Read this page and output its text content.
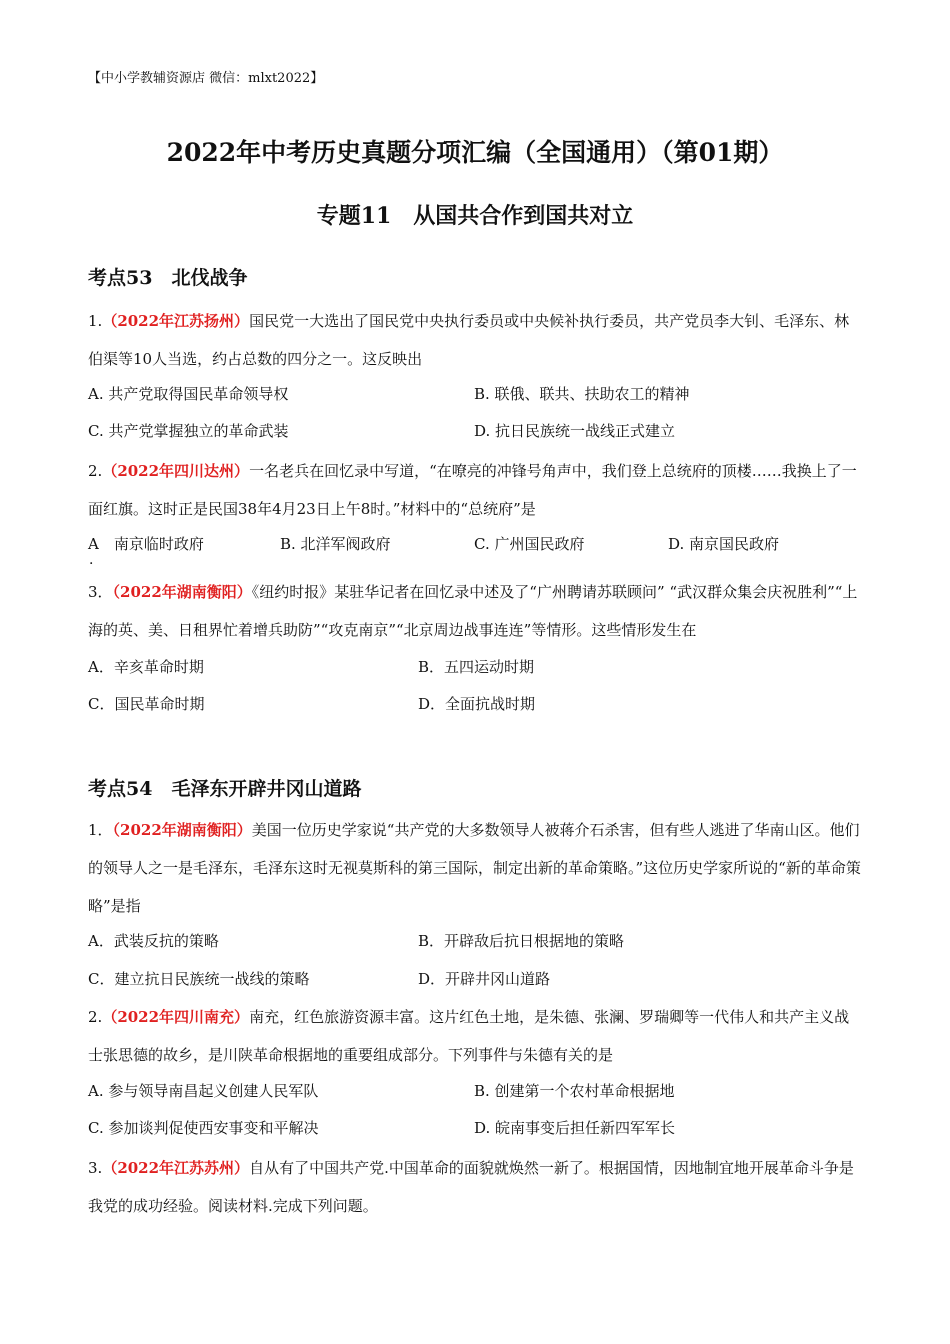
【中小学教辅资源店 微信：mlxt2022】
2022年中考历史真题分项汇编（全国通用）（第01期）
专题11　从国共合作到国共对立
考点53　北伐战争
1.（2022年江苏扬州）国民党一大选出了国民党中央执行委员或中央候补执行委员，共产党员李大钊、毛泽东、林伯渠等10人当选，约占总数的四分之一。这反映出
A. 共产党取得国民革命领导权	B. 联俄、联共、扶助农工的精神
C. 共产党掌握独立的革命武装	D. 抗日民族统一战线正式建立
2.（2022年四川达州）一名老兵在回忆录中写道，“在嘹亮的冲锋号角声中，我们登上总统府的顶楼……我换上了一面红旗。这时正是民国38年4月23日上午8时。”材料中的“总统府”是
A　南京临时政府	B. 北洋军阀政府	C. 广州国民政府	D. 南京国民政府
·
3．（2022年湖南衡阳）《纽约时报》某驻华记者在回忆录中述及了“广州聘请苏联顾问” “武汉群众集会庆祝胜利”“上海的英、美、日租界忙着增兵助防”“攻克南京”“北京周边战事连连”等情形。这些情形发生在
A．辛亥革命时期	B．五四运动时期
C．国民革命时期	D．全面抗战时期
考点54　毛泽东开辟井冈山道路
1．（2022年湖南衡阳）美国一位历史学家说“共产党的大多数领导人被蒋介石杀害，但有些人逃进了华南山区。他们的领导人之一是毛泽东，毛泽东这时无视莫斯科的第三国际，制定出新的革命策略。”这位历史学家所说的“新的革命策略”是指
A．武装反抗的策略	B．开辟敌后抗日根据地的策略
C．建立抗日民族统一战线的策略	D．开辟井冈山道路
2.（2022年四川南充）南充，红色旅游资源丰富。这片红色土地，是朱德、张澜、罗瑞卿等一代伟人和共产主义战士张思德的故乡，是川陕革命根据地的重要组成部分。下列事件与朱德有关的是
A. 参与领导南昌起义创建人民军队	B. 创建第一个农村革命根据地
C. 参加谈判促使西安事变和平解决	D. 皖南事变后担任新四军军长
3.（2022年江苏苏州）自从有了中国共产党.中国革命的面貌就焕然一新了。根据国情，因地制宜地开展革命斗争是我党的成功经验。阅读材料.完成下列问题。
